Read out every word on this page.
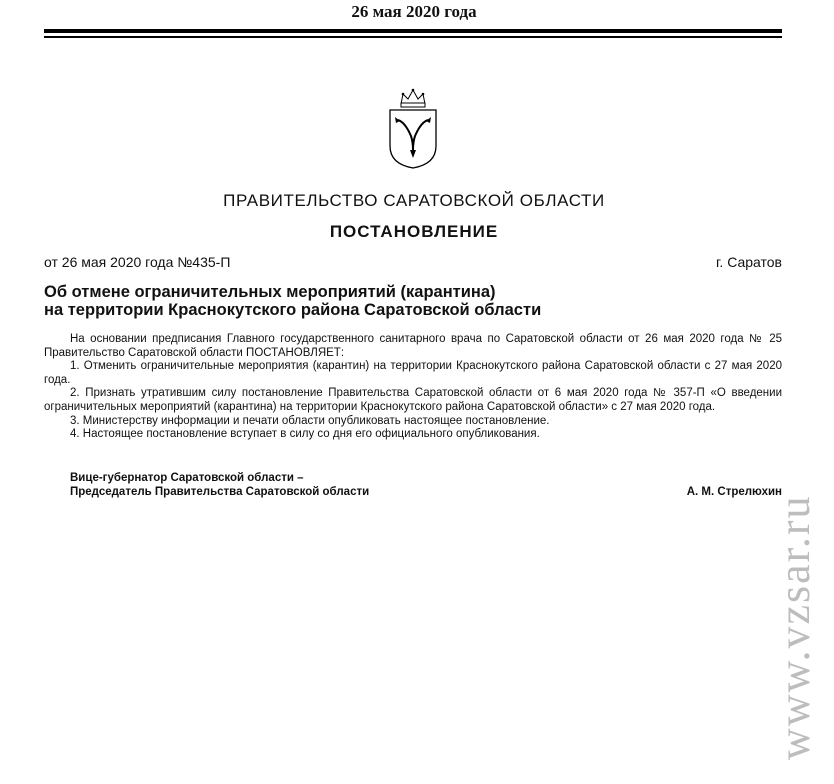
26 мая 2020 года
ПРАВИТЕЛЬСТВО САРАТОВСКОЙ ОБЛАСТИ
ПОСТАНОВЛЕНИЕ
от 26 мая 2020 года №435-П	г. Саратов
Об отмене ограничительных мероприятий (карантина)
на территории Краснокутского района Саратовской области

На основании предписания Главного государственного санитарного врача по Саратовской области от 26 мая 2020 года № 25 Правительство Саратовской области ПОСТАНОВЛЯЕТ:

1. Отменить ограничительные мероприятия (карантин) на территории Краснокутского района Саратовской области с 27 мая 2020 года.

2. Признать утратившим силу постановление Правительства Саратовской области от 6 мая 2020 года № 357-П «О введении ограничительных мероприятий (карантина) на территории Краснокутского района Саратовской области» с 27 мая 2020 года.

3. Министерству информации и печати области опубликовать настоящее постановление.

4. Настоящее постановление вступает в силу со дня его официального опубликования.

Вице-губернатор Саратовской области –
Председатель Правительства Саратовской области	А. М. Стрелюхин
www.vzsar.ru
